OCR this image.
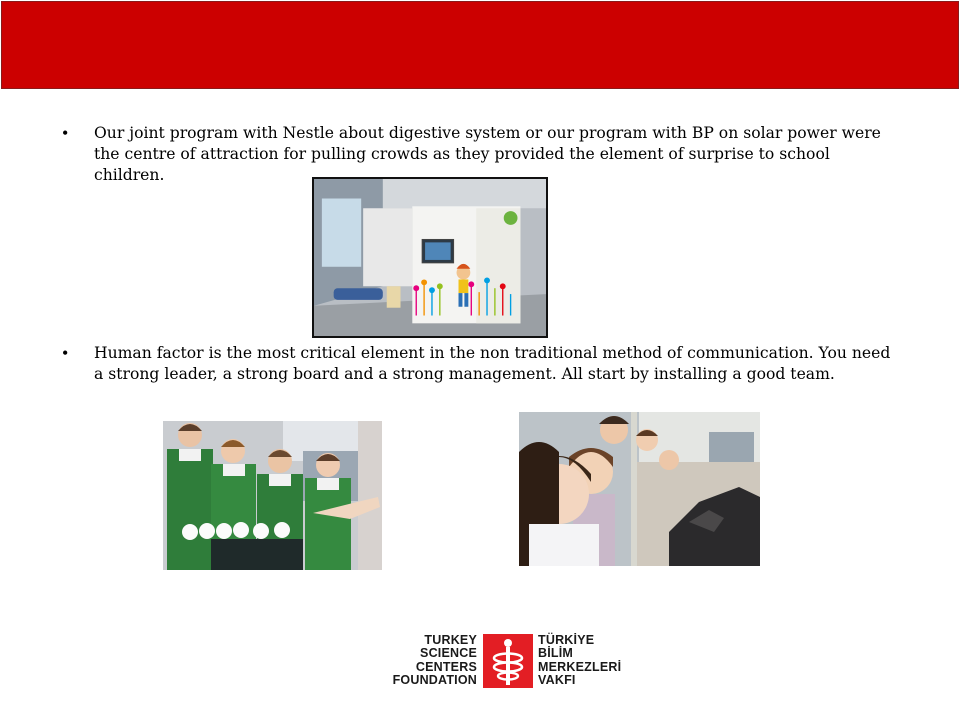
• Our joint program with Nestle about digestive system or our program with BP on solar power were the centre of attraction for pulling crowds as they provided the element of surprise to school children.
• Human factor is the most critical element in the non traditional method of communication. You need a strong leader, a strong board and a strong management. All start by installing a good team.
TURKEY
SCIENCE
CENTERS
FOUNDATION
TÜRKİYE
BİLİM
MERKEZLERİ
VAKFI
